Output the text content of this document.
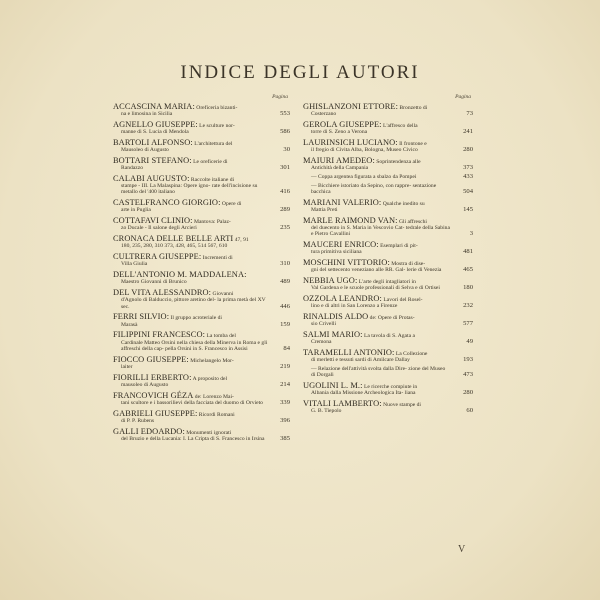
INDICE DEGLI AUTORI
Pagina
ACCASCINA MARIA: Oreficeria bizanti-
na e limosina in Sicilia	553
AGNELLO GIUSEPPE: Le sculture nor-
manne di S. Lucia di Mendola	586
BARTOLI ALFONSO: L'architettura del
Mausoleo di Augusto	30
BOTTARI STEFANO: Le oreficerie di
Randazzo	301
CALABI AUGUSTO: Raccolte italiane di
stampe - III. La Malaspina: Opere igno- rate dell'incisione su metallo del '400 italiano	416
CASTELFRANCO GIORGIO: Opere di
arte in Puglia	289
COTTAFAVI CLINIO: Mantova: Palaz-
zo Ducale - Il salone degli Arcieri	235
CRONACA DELLE BELLE ARTI 47, 91
180, 235, 280, 310 373, 428, 465, 514 567, 610
CULTRERA GIUSEPPE: Incrementi di
Villa Giulia	310
DELL'ANTONIO M. MADDALENA:
Maestro Giovanni di Brunico	489
DEL VITA ALESSANDRO: Giovanni
d'Agnolo di Balduccio, pittore aretino del- la prima metà del XV sec.	446
FERRI SILVIO: Il gruppo acroteriale di
Marasà	159
FILIPPINI FRANCESCO: La tomba del
Cardinale Matteo Orsini nella chiesa della Minerva in Roma e gli affreschi della cap- pella Orsini in S. Francesco in Assisi	84
FIOCCO GIUSEPPE: Michelangelo Mor-
lаiter	219
FIORILLI ERBERTO: A proposito del
mausoleo di Augusto	214
FRANCOVICH GÉZA de: Lorenzo Mai-
tani scultore e i bassorilievi della facciata del duomo di Orvieto	339
GABRIELI GIUSEPPE: Ricordi Romani
di P. P. Rubens	396
GALLI EDOARDO: Monumenti ignorati
del Bruzio e della Lucania: I. La Cripta di S. Francesco in Irsina	385
Pagina
GHISLANZONI ETTORE: Bronzetto di
Costerzano	73
GEROLA GIUSEPPE: L'affresco della
torre di S. Zeno a Verona	241
LAURINSICH LUCIANO: Il frontone e
il fregio di Civita Alba, Bologna, Museo Civico	280
MAIURI AMEDEO: Soprintendenza alle
Antichità della Campania	373
— Coppa argentea figurata a sbalzo da Pompei	433
— Bicchiere istoriato da Sepino, con rappre- sentazione bacchica	504
MARIANI VALERIO: Qualche inedito su
Mattia Preti	145
MARLE RAIMOND VAN: Gli affreschi
del duecento in S. Maria in Vescovio Cat- tedrale della Sabina e Pietro Cavallini	3
MAUCERI ENRICO: Esemplari di pit-
tura primitiva siciliana	481
MOSCHINI VITTORIO: Mostra di dise-
gni del settecento veneziano alle RR. Gal- lerie di Venezia	465
NEBBIA UGO: L'arte degli intagliatori in
Val Gardena e le scuole professionali di Selva e di Ortisei	180
OZZOLA LEANDRO: Lavori del Rosel-
lino e di altri in San Lorenzo a Firenze	232
RINALDIS ALDO de: Opere di Protas-
sio Crivelli	577
SALMI MARIO: La tavola di S. Agata a
Cremona	49
TARAMELLI ANTONIO: La Collezione
di merletti e tessuti sardi di Amilcare Dallay	193
— Relazione dell'attività svolta dalla Dire- zione del Museo di Dorgali	473
UGOLINI L. M.: Le ricerche compiute in
Albania dalla Missione Archeologica Ita- liana	280
VITALI LAMBERTO: Nuove stampe di
G. B. Tiepolo	60
V
